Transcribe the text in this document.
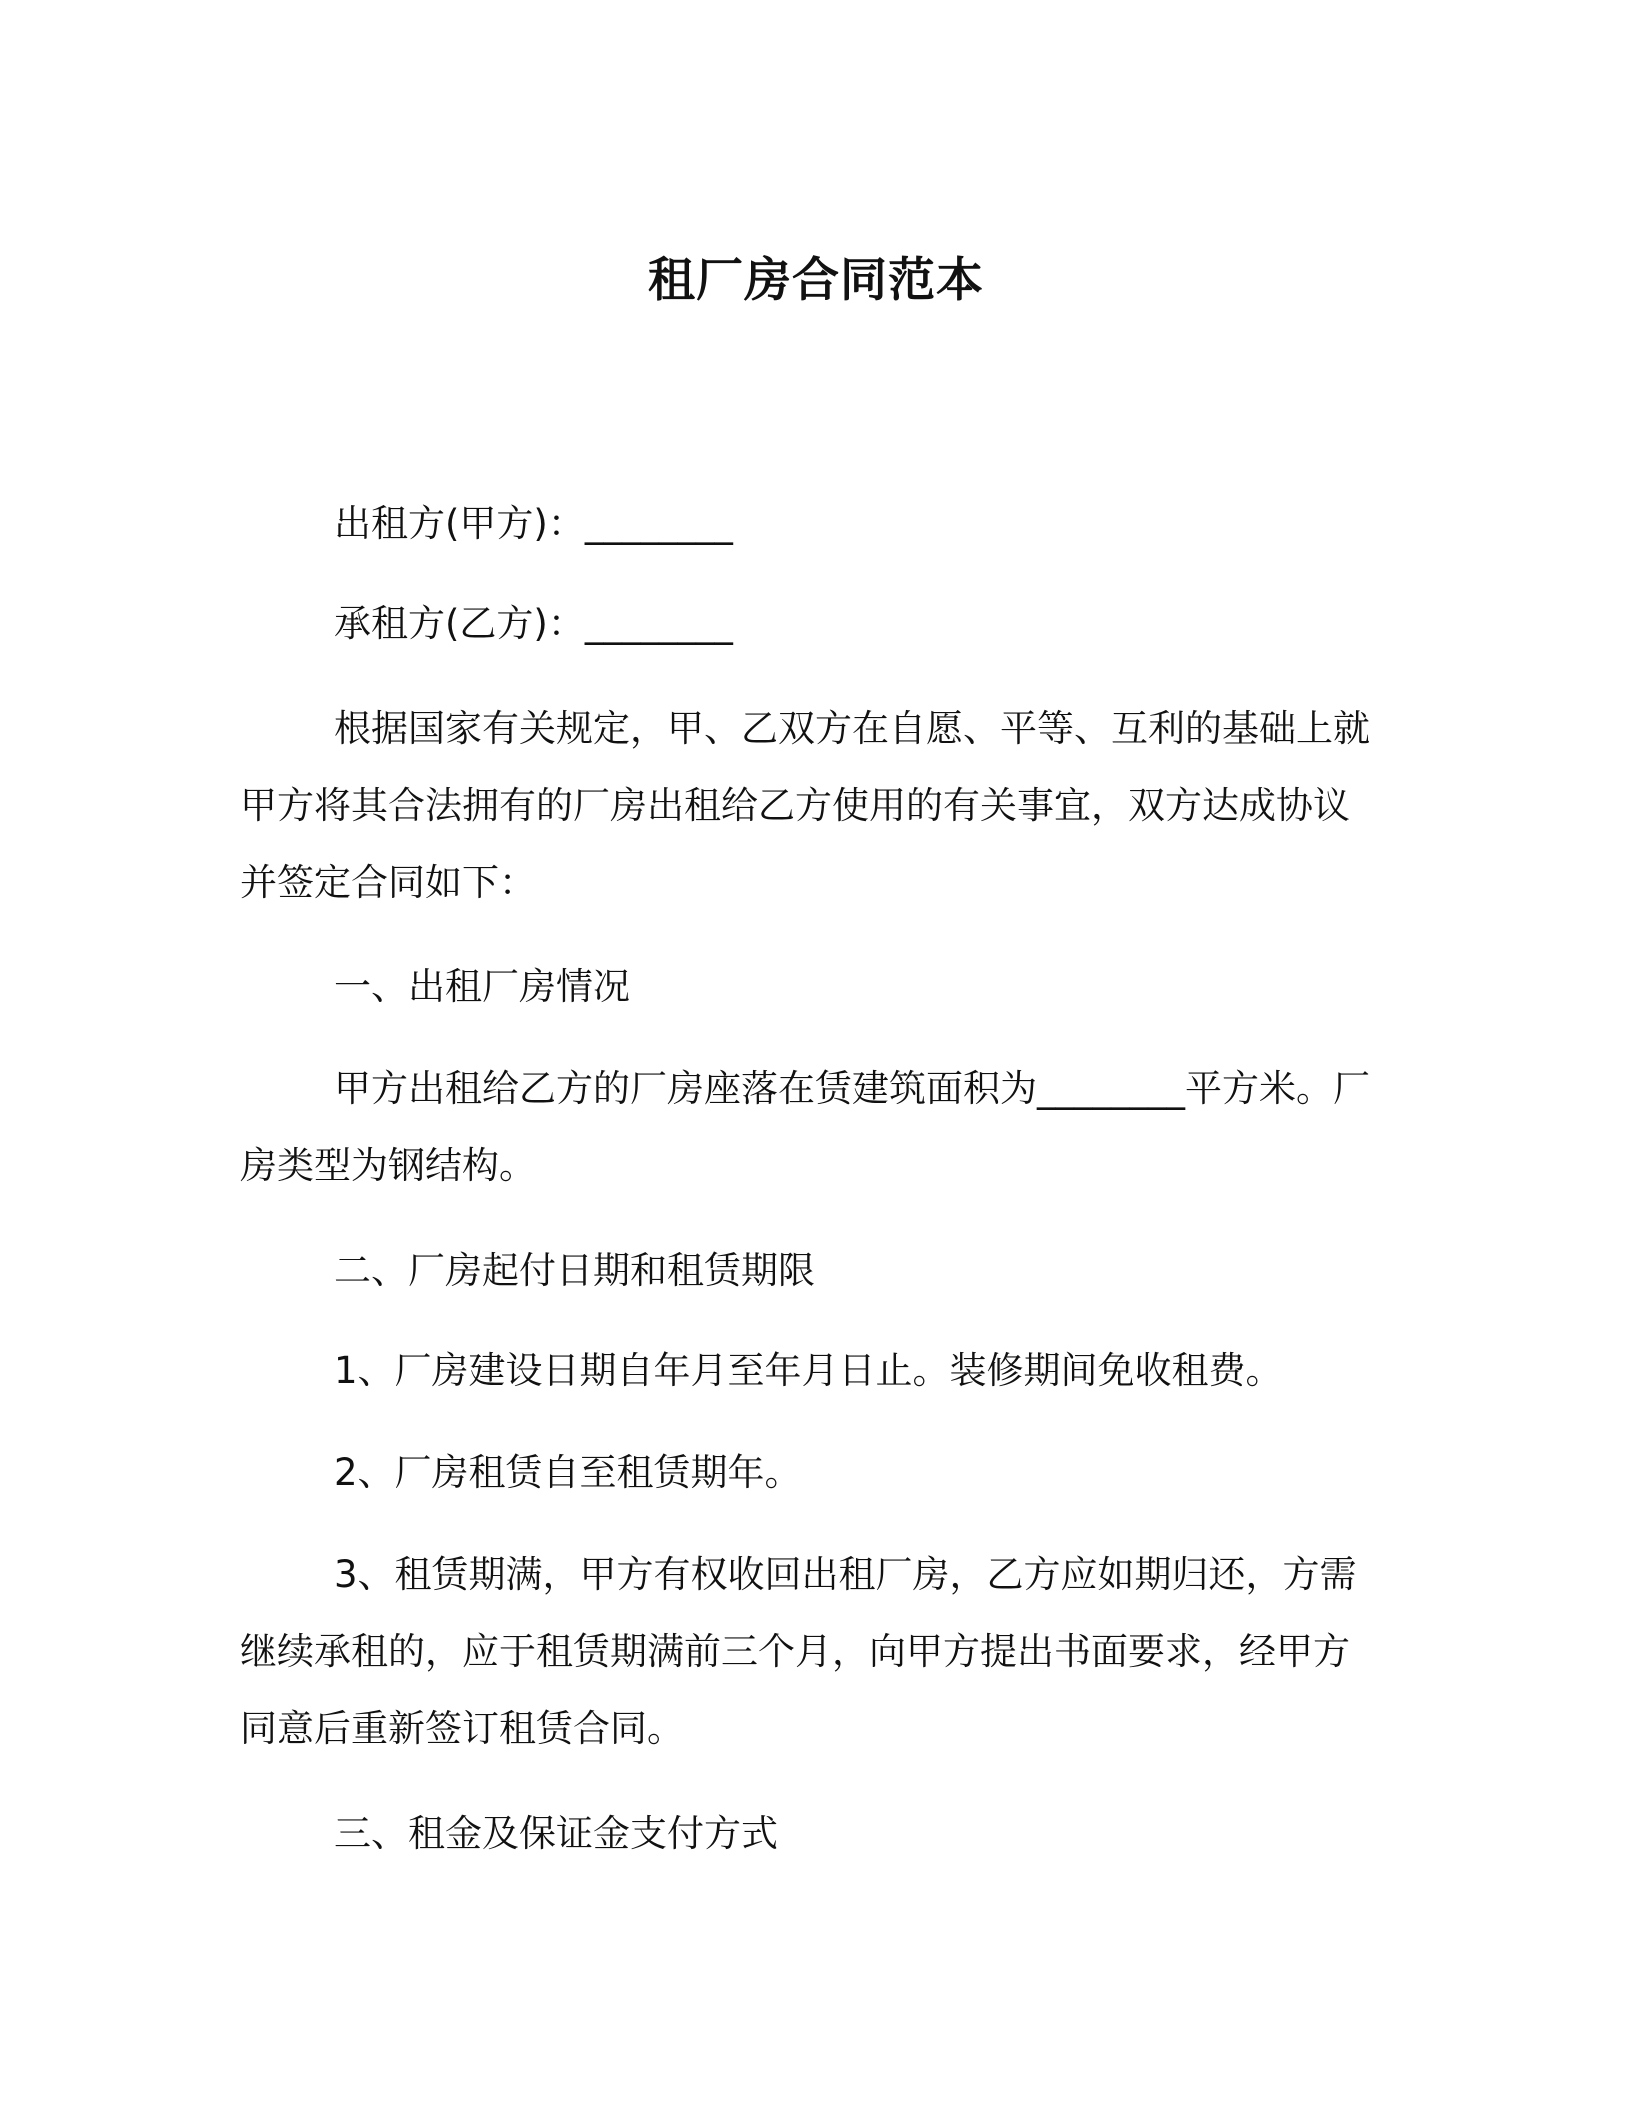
租厂房合同范本

出租方(甲方)：________

承租方(乙方)：________

根据国家有关规定，甲、乙双方在自愿、平等、互利的基础上就甲方将其合法拥有的厂房出租给乙方使用的有关事宜，双方达成协议并签定合同如下：

一、出租厂房情况

甲方出租给乙方的厂房座落在赁建筑面积为________平方米。厂房类型为钢结构。

二、厂房起付日期和租赁期限

1、厂房建设日期自年月至年月日止。装修期间免收租费。

2、厂房租赁自至租赁期年。

3、租赁期满，甲方有权收回出租厂房，乙方应如期归还，方需继续承租的，应于租赁期满前三个月，向甲方提出书面要求，经甲方同意后重新签订租赁合同。

三、租金及保证金支付方式
